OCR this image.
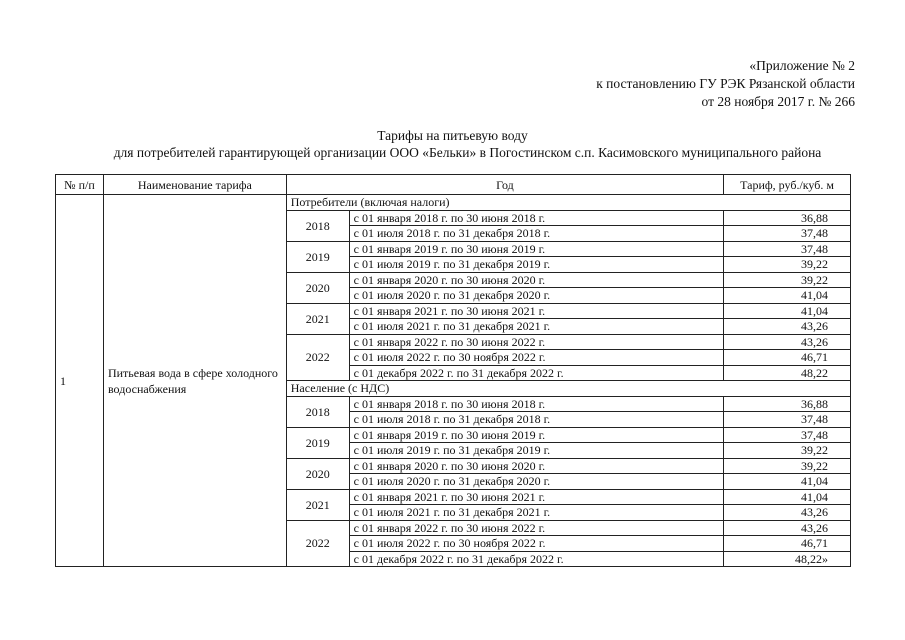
«Приложение № 2
к постановлению ГУ РЭК Рязанской области
от 28 ноября 2017 г. № 266
Тарифы на питьевую воду
для потребителей гарантирующей организации ООО «Бельки» в Погостинском с.п. Касимовского муниципального района
№ п/п	Наименование тарифа	Год		Тариф, руб./куб. м
1	Питьевая вода в сфере холодного водоснабжения	Потребители (включая налоги)		
		2018	с 01 января 2018 г. по 30 июня 2018 г.	36,88
			с 01 июля 2018 г. по 31 декабря 2018 г.	37,48
		2019	с 01 января 2019 г. по 30 июня 2019 г.	37,48
			с 01 июля 2019 г. по 31 декабря 2019 г.	39,22
		2020	с 01 января 2020 г. по 30 июня 2020 г.	39,22
			с 01 июля 2020 г. по 31 декабря 2020 г.	41,04
		2021	с 01 января 2021 г. по 30 июня 2021 г.	41,04
			с 01 июля 2021 г. по 31 декабря 2021 г.	43,26
		2022	с 01 января 2022 г. по 30 июня 2022 г.	43,26
			с 01 июля 2022 г. по 30 ноября 2022 г.	46,71
			с 01 декабря 2022 г. по 31 декабря 2022 г.	48,22
		Население (с НДС)		
		2018	с 01 января 2018 г. по 30 июня 2018 г.	36,88
			с 01 июля 2018 г. по 31 декабря 2018 г.	37,48
		2019	с 01 января 2019 г. по 30 июня 2019 г.	37,48
			с 01 июля 2019 г. по 31 декабря 2019 г.	39,22
		2020	с 01 января 2020 г. по 30 июня 2020 г.	39,22
			с 01 июля 2020 г. по 31 декабря 2020 г.	41,04
		2021	с 01 января 2021 г. по 30 июня 2021 г.	41,04
			с 01 июля 2021 г. по 31 декабря 2021 г.	43,26
		2022	с 01 января 2022 г. по 30 июня 2022 г.	43,26
			с 01 июля 2022 г. по 30 ноября 2022 г.	46,71
			с 01 декабря 2022 г. по 31 декабря 2022 г.	48,22»
